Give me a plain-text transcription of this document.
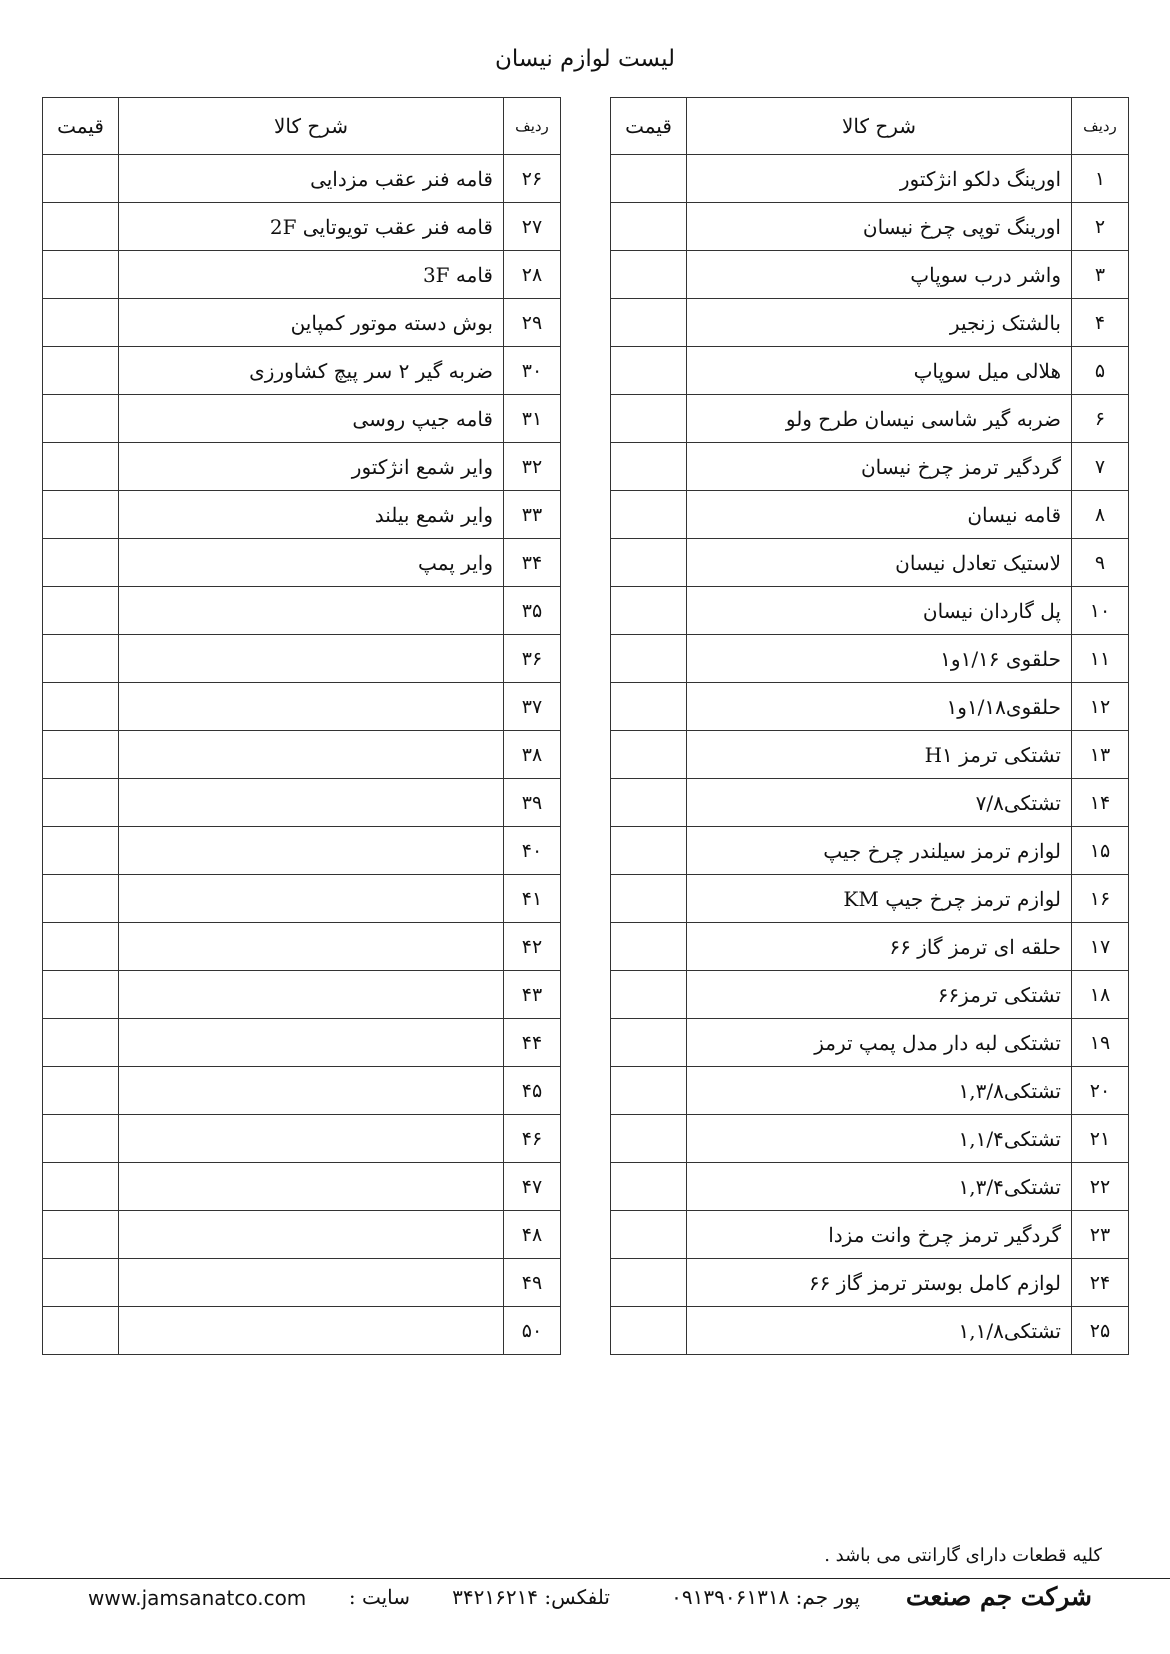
لیست لوازم نیسان
ردیف	شرح کالا	قیمت
۱	اورینگ دلکو انژکتور	
۲	اورینگ توپی چرخ نیسان	
۳	واشر درب سوپاپ	
۴	بالشتک زنجیر	
۵	هلالی میل سوپاپ	
۶	ضربه گیر شاسی نیسان طرح ولو	
۷	گردگیر ترمز چرخ نیسان	
۸	قامه نیسان	
۹	لاستیک تعادل نیسان	
۱۰	پل گاردان نیسان	
۱۱	حلقوی ۱/۱۶و۱	
۱۲	حلقوی۱/۱۸و۱	
۱۳	تشتکی ترمز H۱	
۱۴	تشتکی۷/۸	
۱۵	لوازم ترمز سیلندر چرخ جیپ	
۱۶	لوازم ترمز چرخ جیپ KM	
۱۷	حلقه ای ترمز گاز ۶۶	
۱۸	تشتکی ترمز۶۶	
۱۹	تشتکی لبه دار مدل پمپ ترمز	
۲۰	تشتکی۱,۳/۸	
۲۱	تشتکی۱,۱/۴	
۲۲	تشتکی۱,۳/۴	
۲۳	گردگیر ترمز چرخ وانت مزدا	
۲۴	لوازم کامل بوستر ترمز گاز ۶۶	
۲۵	تشتکی۱,۱/۸	
ردیف	شرح کالا	قیمت
۲۶	قامه فنر عقب مزدایی	
۲۷	قامه فنر عقب تویوتایی 2F	
۲۸	قامه 3F	
۲۹	بوش دسته موتور کمپاین	
۳۰	ضربه گیر ۲ سر پیچ کشاورزی	
۳۱	قامه جیپ روسی	
۳۲	وایر شمع انژکتور	
۳۳	وایر شمع بیلند	
۳۴	وایر پمپ	
۳۵		
۳۶		
۳۷		
۳۸		
۳۹		
۴۰		
۴۱		
۴۲		
۴۳		
۴۴		
۴۵		
۴۶		
۴۷		
۴۸		
۴۹		
۵۰		
کلیه قطعات دارای گارانتی می باشد .
شرکت جم صنعت
پور جم: ۰۹۱۳۹۰۶۱۳۱۸
تلفکس: ۳۴۲۱۶۲۱۴
سایت :
www.jamsanatco.com
